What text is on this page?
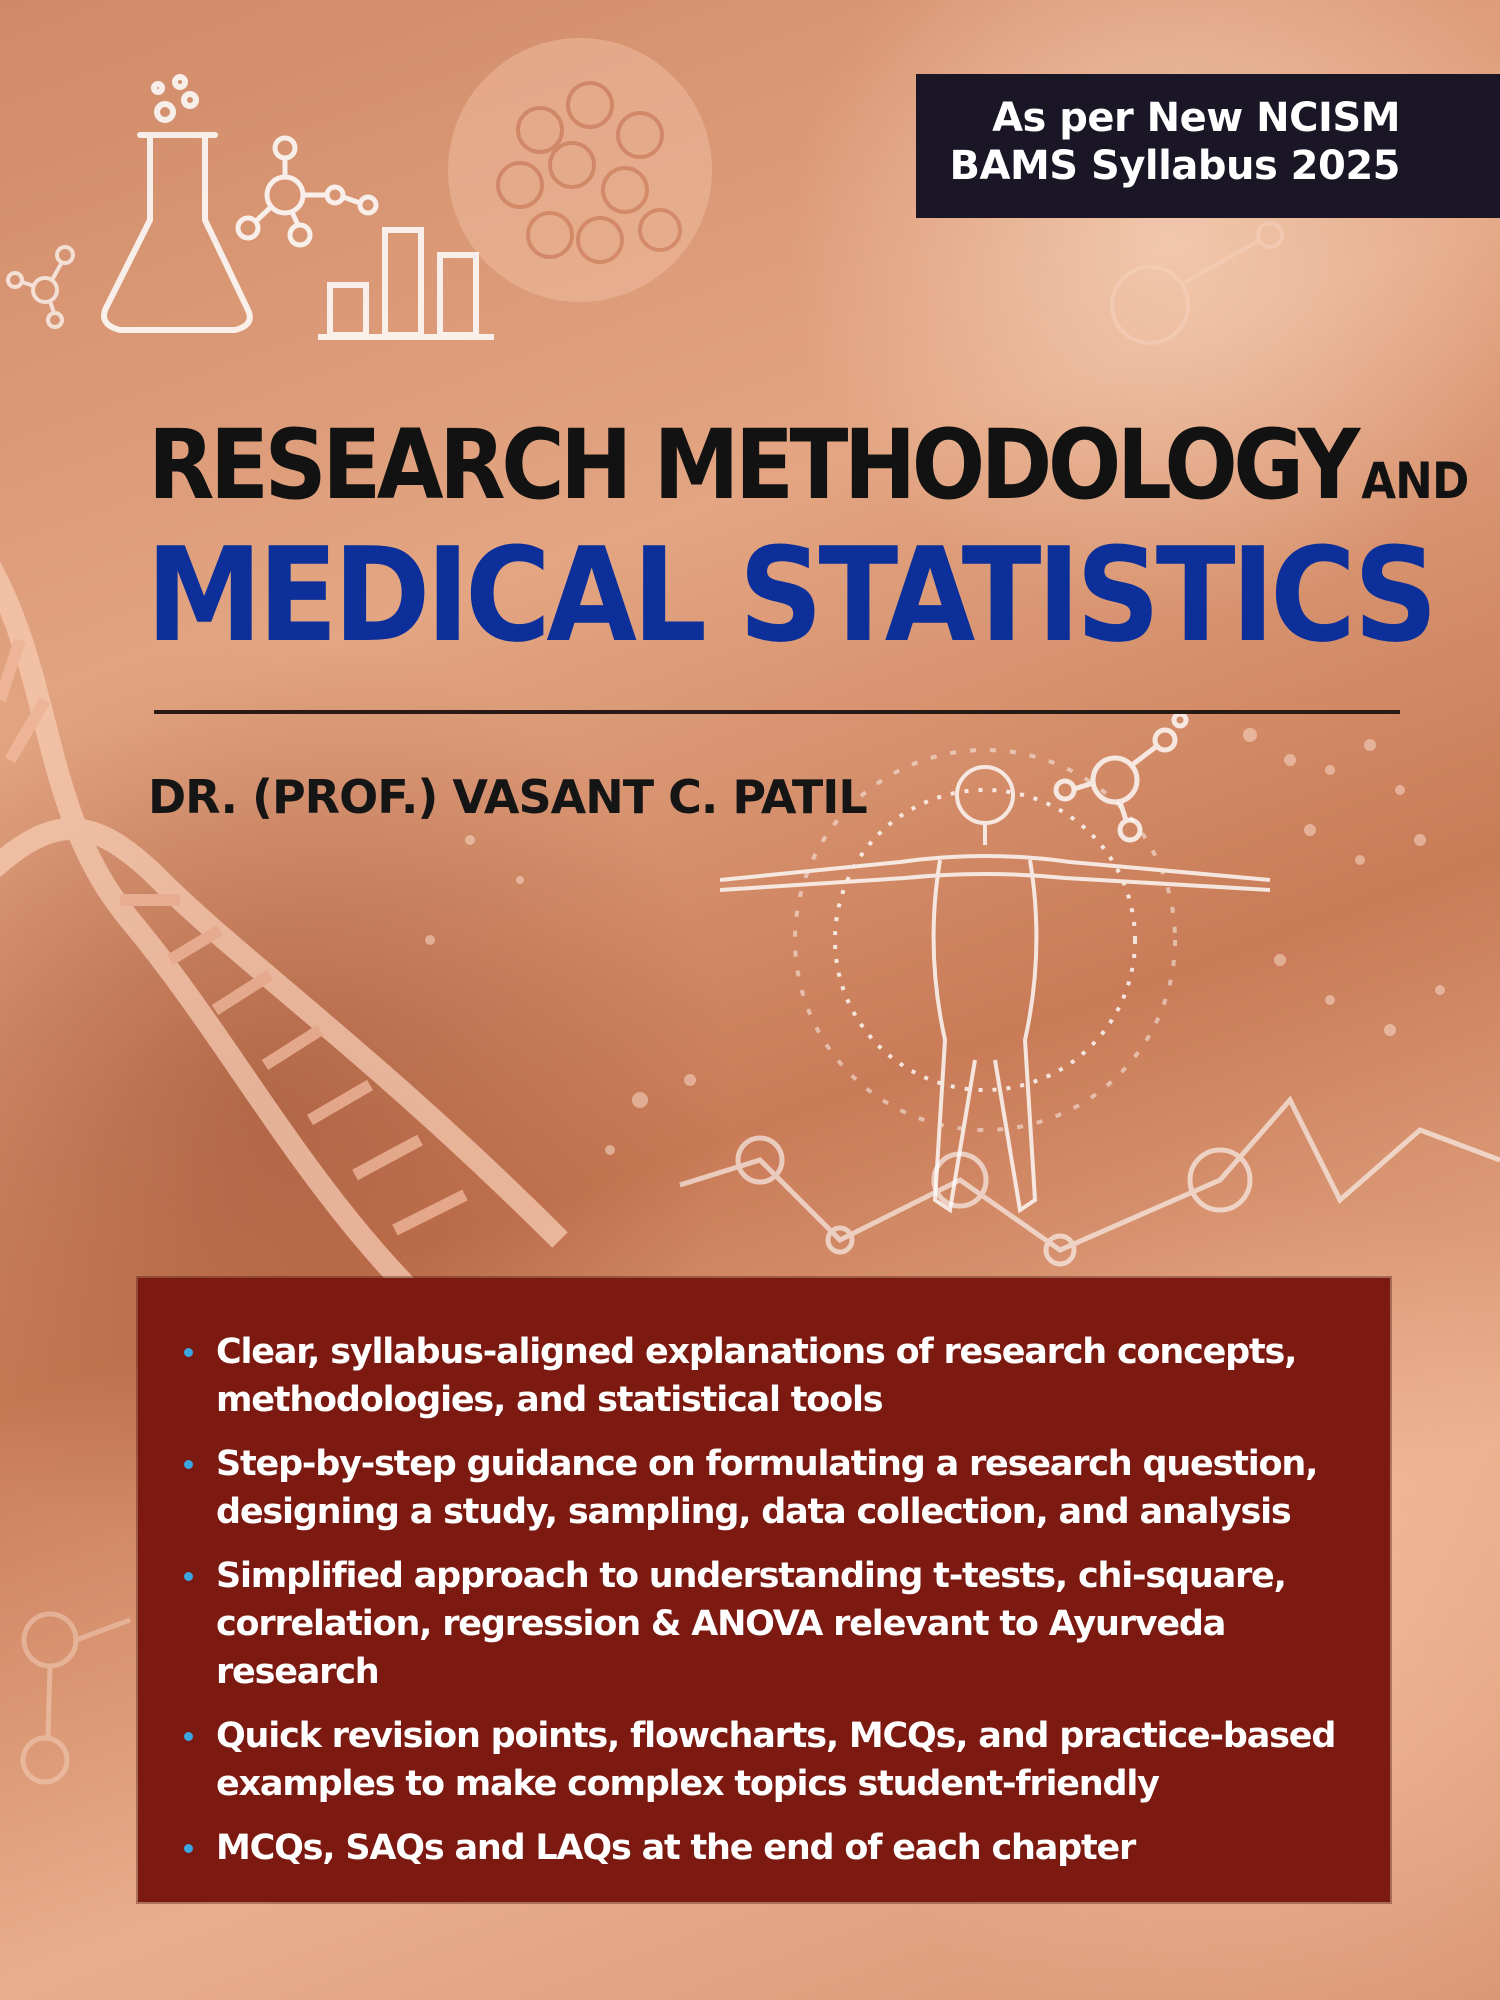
As per New NCISM
BAMS Syllabus 2025
RESEARCH METHODOLOGY AND
MEDICAL STATISTICS
DR. (PROF.) VASANT C. PATIL
Clear, syllabus-aligned explanations of research concepts,
methodologies, and statistical tools
Step-by-step guidance on formulating a research question,
designing a study, sampling, data collection, and analysis
Simplified approach to understanding t-tests, chi-square,
correlation, regression & ANOVA relevant to Ayurveda research
Quick revision points, flowcharts, MCQs, and practice-based
examples to make complex topics student-friendly
MCQs, SAQs and LAQs at the end of each chapter
